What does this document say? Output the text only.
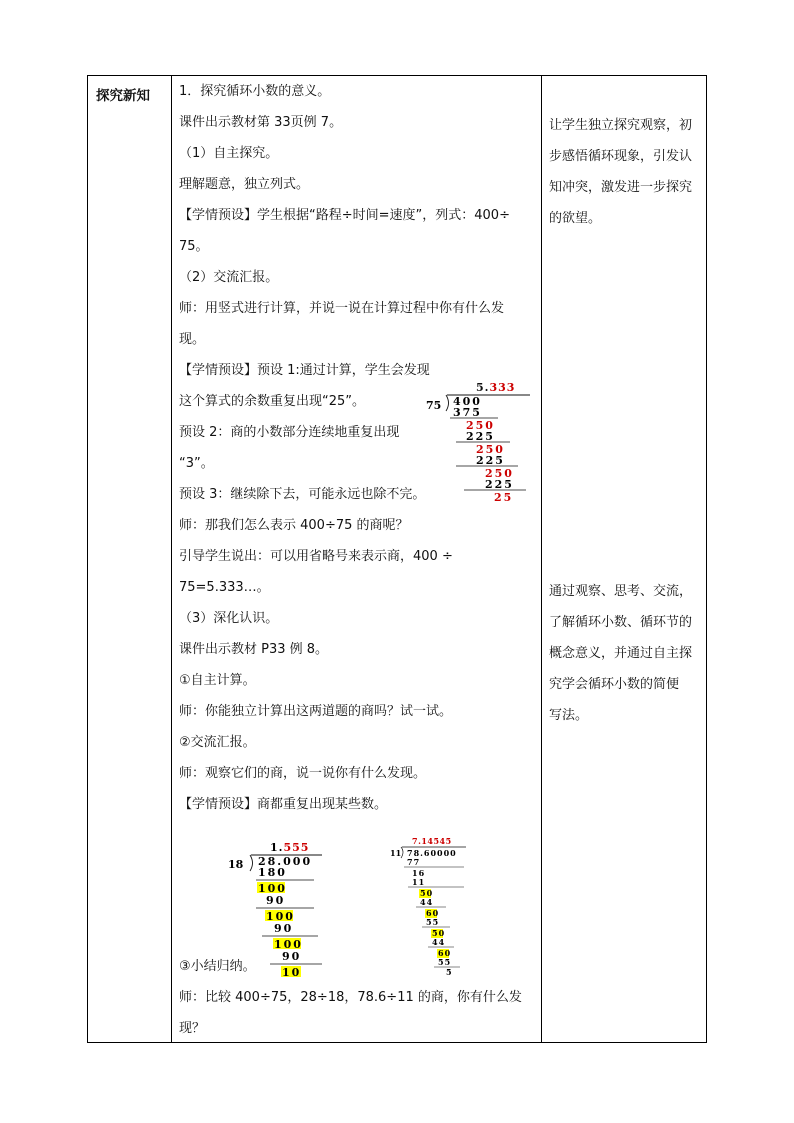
探究新知 1．探究循环小数的意义。
课件出示教材第 33页例 7。
（1）自主探究。
理解题意，独立列式。
【学情预设】学生根据“路程÷时间=速度”，列式：400÷
75。
（2）交流汇报。
师：用竖式进行计算，并说一说在计算过程中你有什么发
现。
【学情预设】预设 1:通过计算，学生会发现
这个算式的余数重复出现“25”。
预设 2：商的小数部分连续地重复出现
“3”。
预设 3：继续除下去，可能永远也除不完。
师：那我们怎么表示 400÷75 的商呢？
引导学生说出：可以用省略号来表示商，400 ÷
75=5.333…。
（3）深化认识。
课件出示教材 P33 例 8。
①自主计算。
师：你能独立计算出这两道题的商吗？试一试。
②交流汇报。
师：观察它们的商，说一说你有什么发现。
【学情预设】商都重复出现某些数。
③小结归纳。
师：比较 400÷75，28÷18，78.6÷11 的商，你有什么发
现？
让学生独立探究观察，初
步感悟循环现象，引发认
知冲突，激发进一步探究
的欲望。
通过观察、思考、交流，
了解循环小数、循环节的
概念意义，并通过自主探
究学会循环小数的简便
写法。
5.333
75 400
375
250
225
250
225
250
225
25
1.555
18 28.000
180
100
90
100
90
100
90
10
7.14545
11 78.60000
77
16
11
50
44
60
55
50
44
60
55
5
